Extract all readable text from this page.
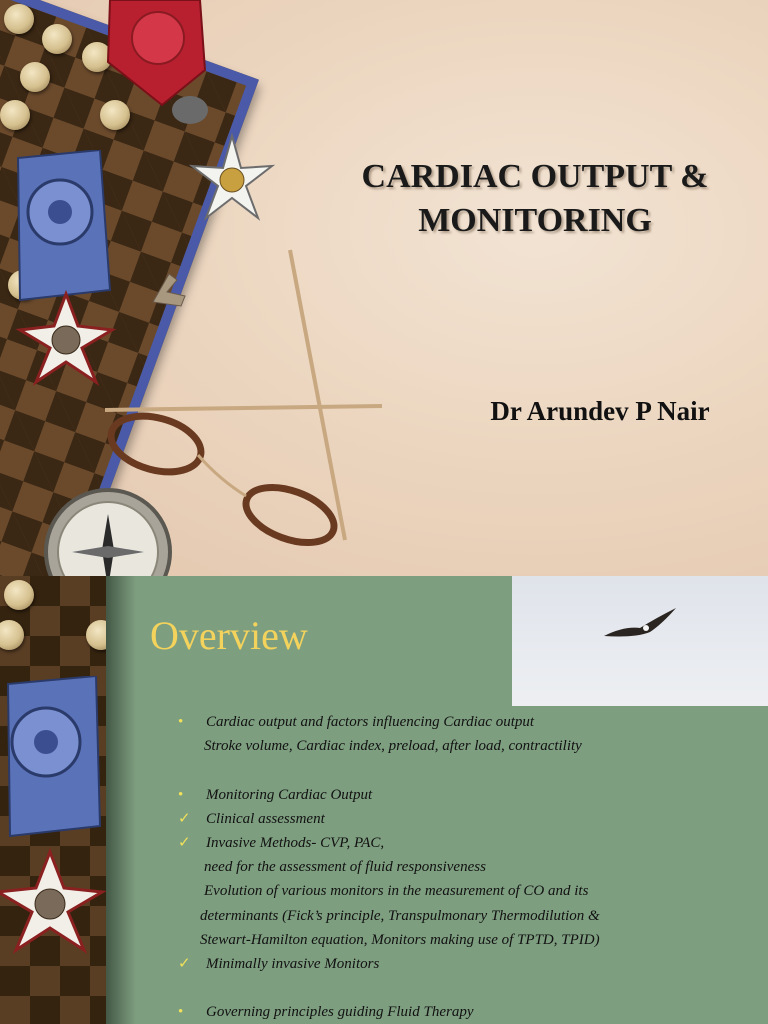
CARDIAC OUTPUT &
MONITORING
Dr Arundev P Nair
Overview
• Cardiac output and factors influencing Cardiac output
Stroke volume, Cardiac index, preload, after load, contractility
• Monitoring Cardiac Output
✓ Clinical assessment
✓ Invasive Methods- CVP, PAC,
need for the assessment of fluid responsiveness
Evolution of various monitors in the measurement of CO and its
determinants (Fick’s principle, Transpulmonary Thermodilution &
Stewart-Hamilton equation, Monitors making use of TPTD, TPID)
✓ Minimally invasive Monitors
• Governing principles guiding Fluid Therapy
